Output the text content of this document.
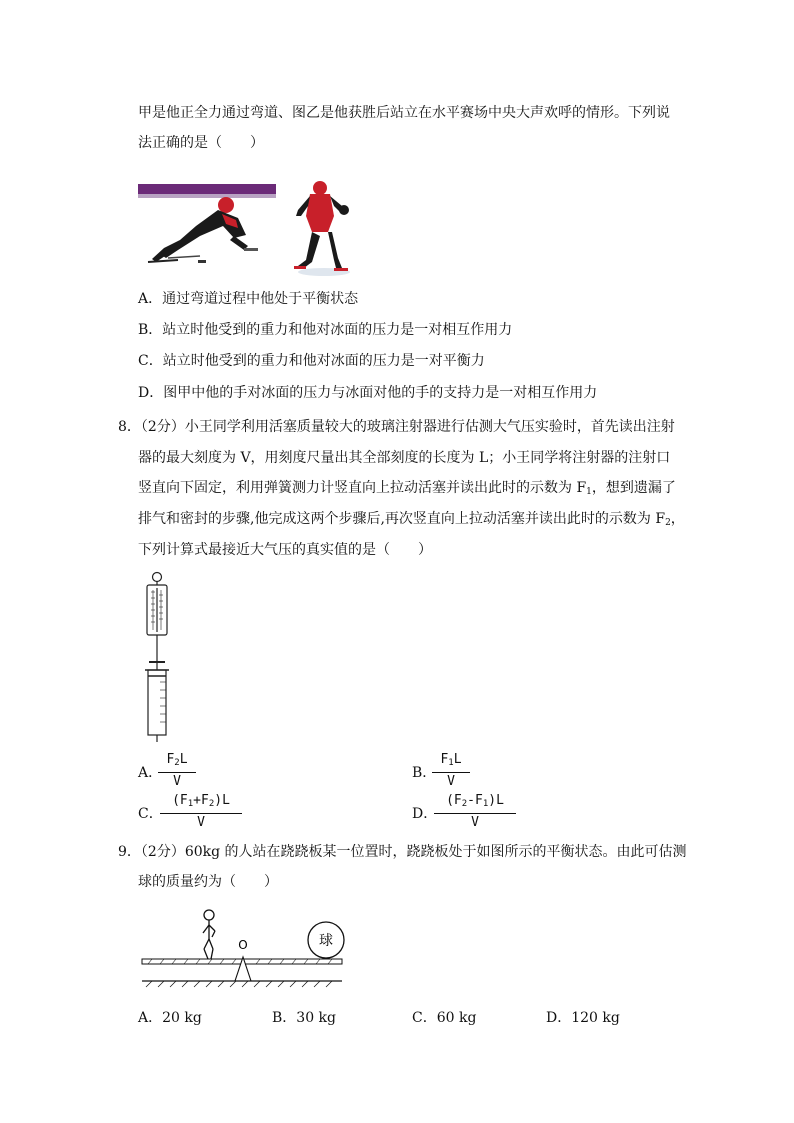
甲是他正全力通过弯道、图乙是他获胜后站立在水平赛场中央大声欢呼的情形。下列说
法正确的是（　　）
A．通过弯道过程中他处于平衡状态
B．站立时他受到的重力和他对冰面的压力是一对相互作用力
C．站立时他受到的重力和他对冰面的压力是一对平衡力
D．图甲中他的手对冰面的压力与冰面对他的手的支持力是一对相互作用力
8．（2分）小王同学利用活塞质量较大的玻璃注射器进行估测大气压实验时，首先读出注射
器的最大刻度为 V，用刻度尺量出其全部刻度的长度为 L；小王同学将注射器的注射口
竖直向下固定，利用弹簧测力计竖直向上拉动活塞并读出此时的示数为 $F_1$，想到遗漏了
排气和密封的步骤,他完成这两个步骤后,再次竖直向上拉动活塞并读出此时的示数为 $F_2$，
下列计算式最接近大气压的真实值的是（　　）
A．
$\frac{F_2L}{V}$	B．
$\frac{F_1L}{V}$
C．
$\frac{(F_1+F_2)L}{V}$	D．
$\frac{(F_2-F_1)L}{V}$
9．（2分）60kg 的人站在跷跷板某一位置时，跷跷板处于如图所示的平衡状态。由此可估测
球的质量约为（　　）
球
O
A．20 kg	B．30 kg	C．60 kg	D．120 kg
